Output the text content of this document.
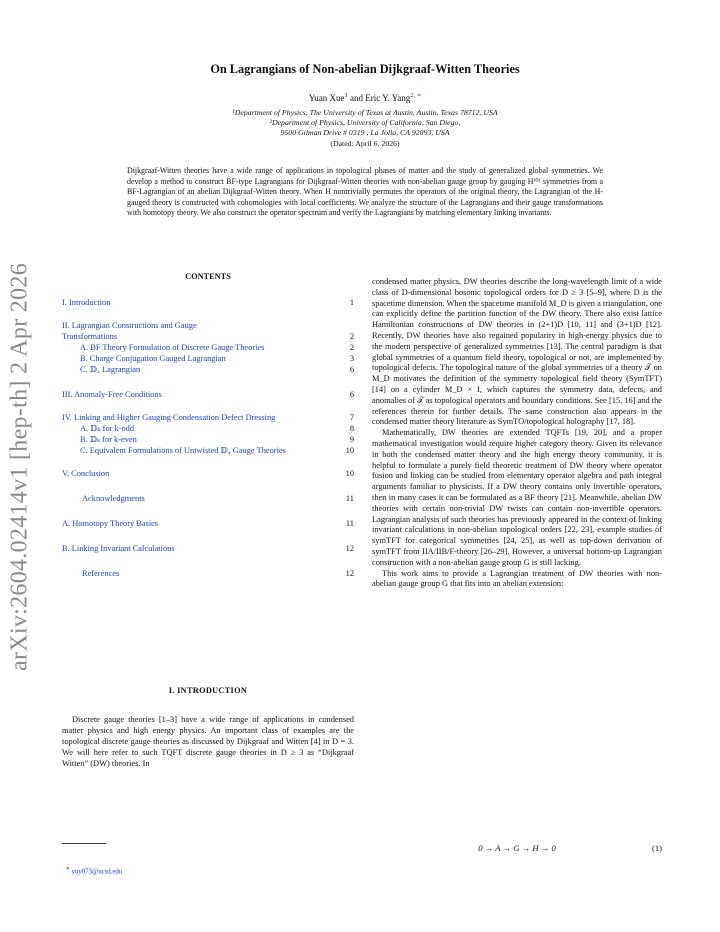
arXiv:2604.02414v1 [hep-th] 2 Apr 2026
On Lagrangians of Non-abelian Dijkgraaf-Witten Theories
Yuan Xue$^1$ and Eric Y. Yang$^{2, ∗}$
¹Department of Physics, The University of Texas at Austin, Austin, Texas 78712, USA
²Department of Physics, University of California, San Diego,
9500 Gilman Drive # 0319 , La Jolla, CA 92093, USA
(Dated: April 6, 2026)
Dijkgraaf-Witten theories have a wide range of applications in topological phases of matter and the study of generalized global symmetries. We develop a method to construct BF-type Lagrangians for Dijkgraaf-Witten theories with non-abelian gauge group by gauging H⁽⁰⁾ symmetries from a BF-Lagrangian of an abelian Dijkgraaf-Witten theory. When H nontrivially permutes the operators of the original theory, the Lagrangian of the H-gauged theory is constructed with cohomologies with local coefficients. We analyze the structure of the Lagrangians and their gauge transformations with homotopy theory. We also construct the operator spectrum and verify the Lagrangians by matching elementary linking invariants.
CONTENTS
I. Introduction	1
II. Lagrangian Constructions and Gauge Transformations	2
A. BF Theory Formulation of Discrete Gauge Theories	2
B. Charge Conjugation Gauged Lagrangian	3
C. 𝔻₄ Lagrangian	6
III. Anomaly-Free Conditions	6
IV. Linking and Higher Gauging Condensation Defect Dressing	7
A. 𝔻ₖ for k-odd	8
B. 𝔻ₖ for k-even	9
C. Equivalent Formulations of Untwisted 𝔻₄ Gauge Theories	10
V. Conclusion	10
Acknowledgments	11
A. Homotopy Theory Basics	11
B. Linking Invariant Calculations	12
References	12
I. INTRODUCTION
Discrete gauge theories [1–3] have a wide range of applications in condensed matter physics and high energy physics. An important class of examples are the topological discrete gauge theories as discussed by Dijkgraaf and Witten [4] in D = 3. We will here refer to such TQFT discrete gauge theories in D ≥ 3 as “Dijkgraaf Witten” (DW) theories. In
∗ yuy073@ucsd.edu

condensed matter physics, DW theories describe the long-wavelength limit of a wide class of D-dimensional bosonic topological orders for D ≥ 3 [5–9], where D is the spacetime dimension. When the spacetime manifold M_D is given a triangulation, one can explicitly define the partition function of the DW theory. There also exist lattice Hamiltonian constructions of DW theories in (2+1)D [10, 11] and (3+1)D [12]. Recently, DW theories have also regained popularity in high-energy physics due to the modern perspective of generalized symmetries [13]. The central paradigm is that global symmetries of a quantum field theory, topological or not, are implemented by topological defects. The topological nature of the global symmetries of a theory 𝒯 on M_D motivates the definition of the symmetry topological field theory (SymTFT) [14] on a cylinder M_D × I, which captures the symmetry data, defects, and anomalies of 𝒯 as topological operators and boundary conditions. See [15, 16] and the references therein for further details. The same construction also appears in the condensed matter theory literature as SymTO/topological holography [17, 18].

Mathematically, DW theories are extended TQFTs [19, 20], and a proper mathematical investigation would require higher category theory. Given its relevance in both the condensed matter theory and the high energy theory community, it is helpful to formulate a purely field theoretic treatment of DW theory where operator fusion and linking can be studied from elementary operator algebra and path integral arguments familiar to physicists. If a DW theory contains only invertible operators, then in many cases it can be formulated as a BF theory [21]. Meanwhile, abelian DW theories with certain non-trivial DW twists can contain non-invertible operators. Lagrangian analysis of such theories has previously appeared in the context of linking invariant calculations in non-abelian topological orders [22, 23], example studies of symTFT for categorical symmetries [24, 25], as well as top-down derivation of symTFT from IIA/IIB/F-theory [26–29]. However, a universal bottom-up Lagrangian construction with a non-abelian gauge group G is still lacking.

This work aims to provide a Lagrangian treatment of DW theories with non-abelian gauge group G that fits into an abelian extension:

0 → A → G → H → 0	(1)
